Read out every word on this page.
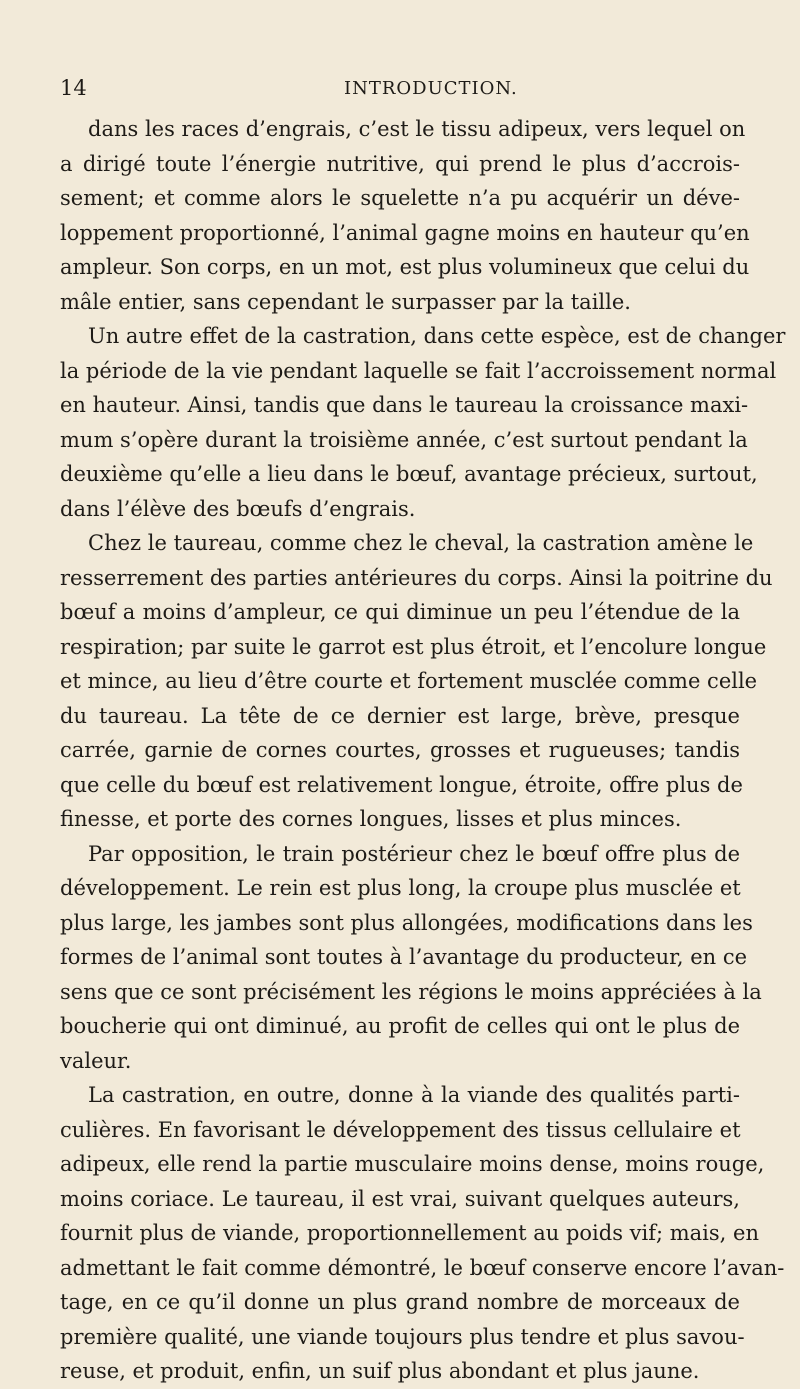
14	INTRODUCTION.
dans les races d’engrais, c’est le tissu adipeux, vers lequel on
a dirigé toute l’énergie nutritive, qui prend le plus d’accrois-
sement; et comme alors le squelette n’a pu acquérir un déve-
loppement proportionné, l’animal gagne moins en hauteur qu’en
ampleur. Son corps, en un mot, est plus volumineux que celui du
mâle entier, sans cependant le surpasser par la taille.
Un autre effet de la castration, dans cette espèce, est de changer
la période de la vie pendant laquelle se fait l’accroissement normal
en hauteur. Ainsi, tandis que dans le taureau la croissance maxi-
mum s’opère durant la troisième année, c’est surtout pendant la
deuxième qu’elle a lieu dans le bœuf, avantage précieux, surtout,
dans l’élève des bœufs d’engrais.
Chez le taureau, comme chez le cheval, la castration amène le
resserrement des parties antérieures du corps. Ainsi la poitrine du
bœuf a moins d’ampleur, ce qui diminue un peu l’étendue de la
respiration; par suite le garrot est plus étroit, et l’encolure longue
et mince, au lieu d’être courte et fortement musclée comme celle
du taureau. La tête de ce dernier est large, brève, presque
carrée, garnie de cornes courtes, grosses et rugueuses; tandis
que celle du bœuf est relativement longue, étroite, offre plus de
finesse, et porte des cornes longues, lisses et plus minces.
Par opposition, le train postérieur chez le bœuf offre plus de
développement. Le rein est plus long, la croupe plus musclée et
plus large, les jambes sont plus allongées, modifications dans les
formes de l’animal sont toutes à l’avantage du producteur, en ce
sens que ce sont précisément les régions le moins appréciées à la
boucherie qui ont diminué, au profit de celles qui ont le plus de
valeur.
La castration, en outre, donne à la viande des qualités parti-
culières. En favorisant le développement des tissus cellulaire et
adipeux, elle rend la partie musculaire moins dense, moins rouge,
moins coriace. Le taureau, il est vrai, suivant quelques auteurs,
fournit plus de viande, proportionnellement au poids vif; mais, en
admettant le fait comme démontré, le bœuf conserve encore l’avan-
tage, en ce qu’il donne un plus grand nombre de morceaux de
première qualité, une viande toujours plus tendre et plus savou-
reuse, et produit, enfin, un suif plus abondant et plus jaune.
